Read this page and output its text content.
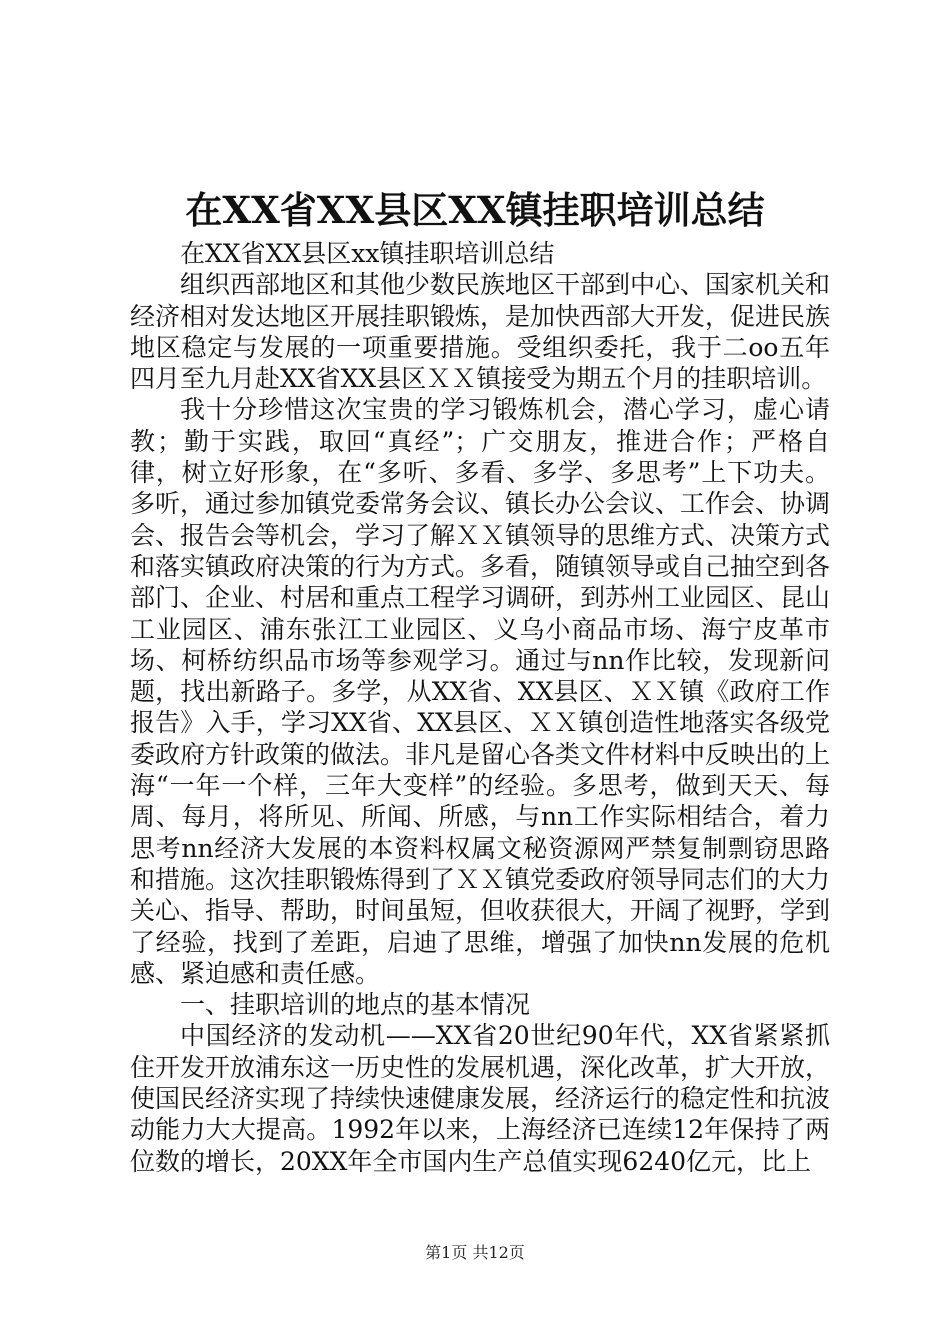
在XX省XX县区XX镇挂职培训总结

在XX省XX县区xx镇挂职培训总结

组织西部地区和其他少数民族地区干部到中心、国家机关和经济相对发达地区开展挂职锻炼，是加快西部大开发，促进民族地区稳定与发展的一项重要措施。受组织委托，我于二oo五年四月至九月赴XX省XX县区ＸＸ镇接受为期五个月的挂职培训。

我十分珍惜这次宝贵的学习锻炼机会，潜心学习，虚心请教；勤于实践，取回“真经”；广交朋友，推进合作；严格自律，树立好形象，在“多听、多看、多学、多思考”上下功夫。多听，通过参加镇党委常务会议、镇长办公会议、工作会、协调会、报告会等机会，学习了解ＸＸ镇领导的思维方式、决策方式和落实镇政府决策的行为方式。多看，随镇领导或自己抽空到各部门、企业、村居和重点工程学习调研，到苏州工业园区、昆山工业园区、浦东张江工业园区、义乌小商品市场、海宁皮革市场、柯桥纺织品市场等参观学习。通过与nn作比较，发现新问题，找出新路子。多学，从XX省、XX县区、ＸＸ镇《政府工作报告》入手，学习XX省、XX县区、ＸＸ镇创造性地落实各级党委政府方针政策的做法。非凡是留心各类文件材料中反映出的上海“一年一个样，三年大变样”的经验。多思考，做到天天、每周、每月，将所见、所闻、所感，与nn工作实际相结合，着力思考nn经济大发展的本资料权属文秘资源网严禁复制剽窃思路和措施。这次挂职锻炼得到了ＸＸ镇党委政府领导同志们的大力关心、指导、帮助，时间虽短，但收获很大，开阔了视野，学到了经验，找到了差距，启迪了思维，增强了加快nn发展的危机感、紧迫感和责任感。

一、挂职培训的地点的基本情况

中国经济的发动机——XX省20世纪90年代，XX省紧紧抓住开发开放浦东这一历史性的发展机遇，深化改革，扩大开放，使国民经济实现了持续快速健康发展，经济运行的稳定性和抗波动能力大大提高。1992年以来，上海经济已连续12年保持了两位数的增长，20XX年全市国内生产总值实现6240亿元，比上

第1页 共12页
